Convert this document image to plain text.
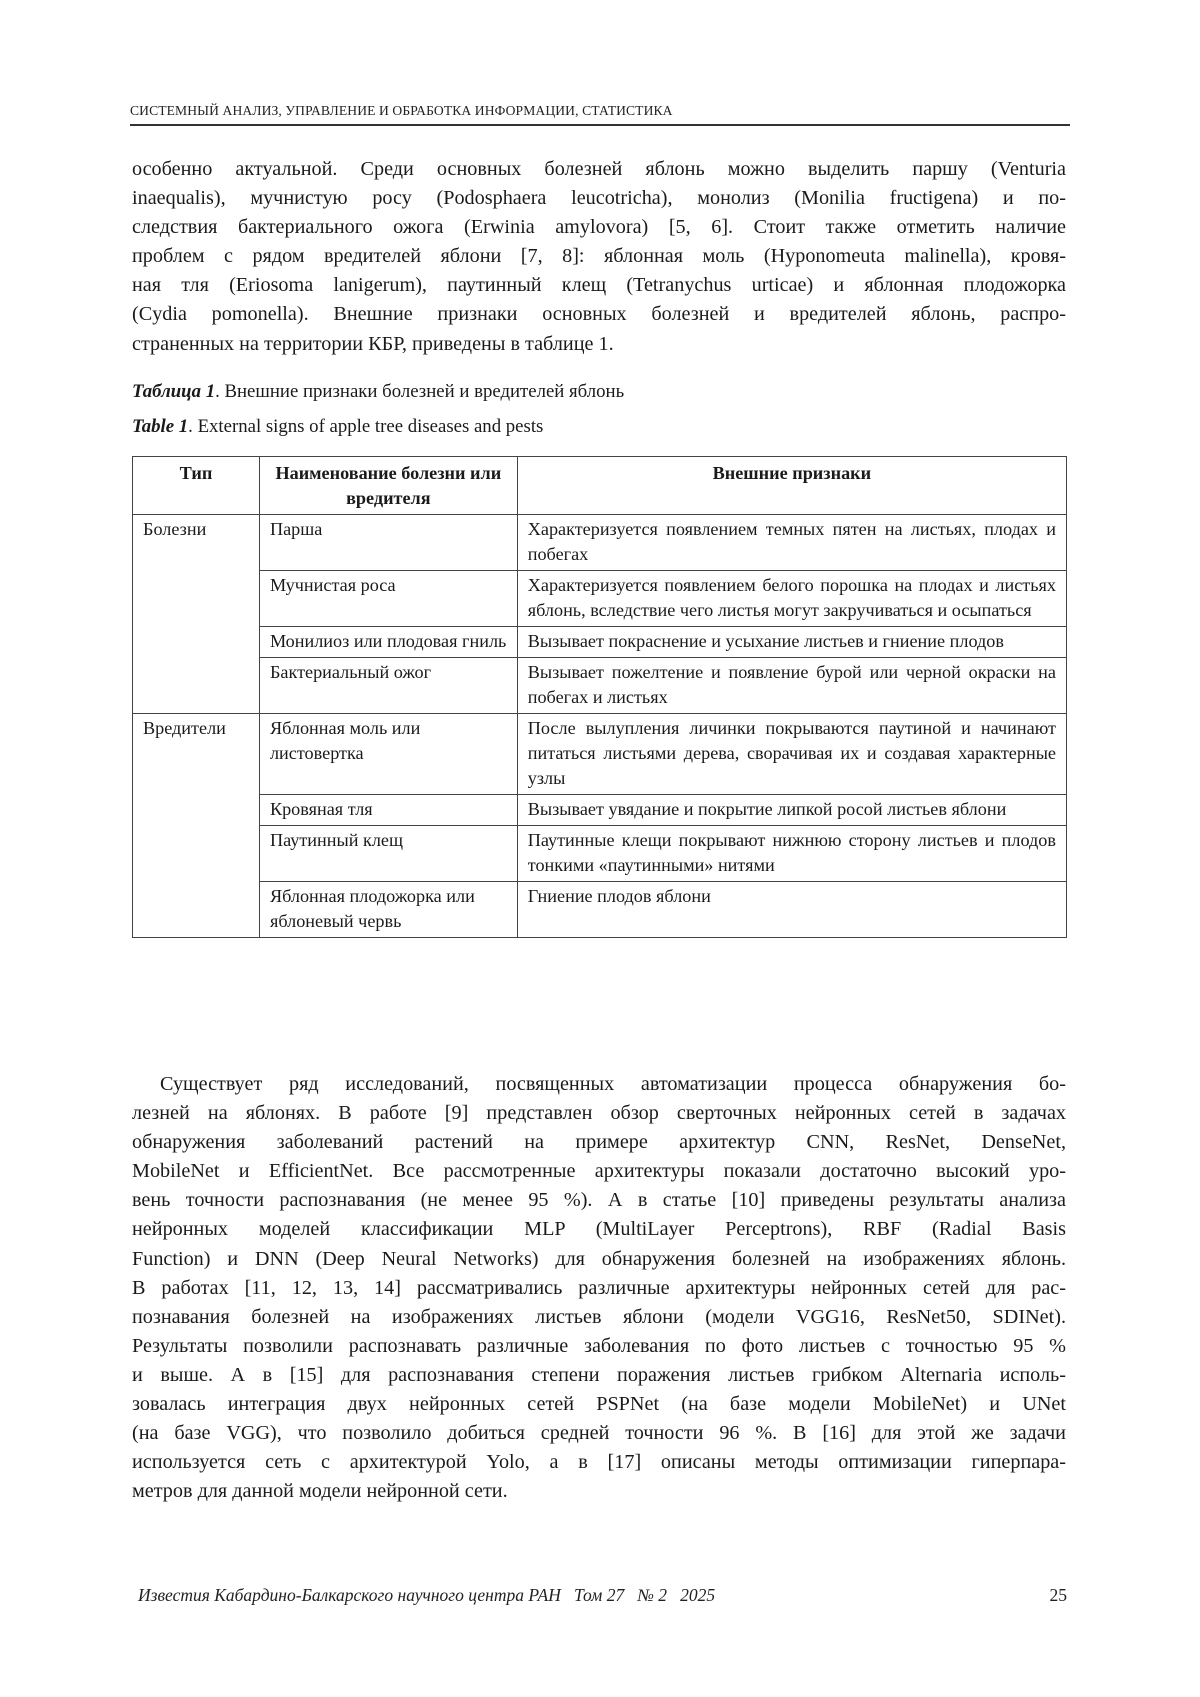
СИСТЕМНЫЙ АНАЛИЗ, УПРАВЛЕНИЕ И ОБРАБОТКА ИНФОРМАЦИИ, СТАТИСТИКА
особенно актуальной. Среди основных болезней яблонь можно выделить паршу (Venturia
inaequalis), мучнистую росу (Podosphaera leucotricha), монолиз (Monilia fructigena) и по-
следствия бактериального ожога (Erwinia amylovora) [5, 6]. Стоит также отметить наличие
проблем с рядом вредителей яблони [7, 8]: яблонная моль (Hyponomeuta malinella), кровя-
ная тля (Eriosoma lanigerum), паутинный клещ (Tetranychus urticae) и яблонная плодожорка
(Cydia pomonella). Внешние признаки основных болезней и вредителей яблонь, распро-
страненных на территории КБР, приведены в таблице 1.
Таблица 1. Внешние признаки болезней и вредителей яблонь
Table 1. External signs of apple tree diseases and pests
Тип	Наименование болезни или вредителя	Внешние признаки
Болезни	Парша	Характеризуется появлением темных пятен на листьях, плодах и побегах
	Мучнистая роса	Характеризуется появлением белого порошка на плодах и листьях яблонь, вследствие чего листья могут закручиваться и осыпаться
	Монилиоз или плодовая гниль	Вызывает покраснение и усыхание листьев и гниение плодов
	Бактериальный ожог	Вызывает пожелтение и появление бурой или черной окраски на побегах и листьях
Вредители	Яблонная моль или листовертка	После вылупления личинки покрываются паутиной и начинают питаться листьями дерева, сворачивая их и создавая характерные узлы
	Кровяная тля	Вызывает увядание и покрытие липкой росой листьев яблони
	Паутинный клещ	Паутинные клещи покрывают нижнюю сторону листьев и плодов тонкими «паутинными» нитями
	Яблонная плодожорка или яблоневый червь	Гниение плодов яблони
Существует ряд исследований, посвященных автоматизации процесса обнаружения бо-
лезней на яблонях. В работе [9] представлен обзор сверточных нейронных сетей в задачах
обнаружения заболеваний растений на примере архитектур CNN, ResNet, DenseNet,
MobileNet и EfficientNet. Все рассмотренные архитектуры показали достаточно высокий уро-
вень точности распознавания (не менее 95 %). А в статье [10] приведены результаты анализа
нейронных моделей классификации MLP (MultiLayer Perceptrons), RBF (Radial Basis
Function) и DNN (Deep Neural Networks) для обнаружения болезней на изображениях яблонь.
В работах [11, 12, 13, 14] рассматривались различные архитектуры нейронных сетей для рас-
познавания болезней на изображениях листьев яблони (модели VGG16, ResNet50, SDINet).
Результаты позволили распознавать различные заболевания по фото листьев с точностью 95 %
и выше. А в [15] для распознавания степени поражения листьев грибком Alternaria исполь-
зовалась интеграция двух нейронных сетей PSPNet (на базе модели MobileNet) и UNet
(на базе VGG), что позволило добиться средней точности 96 %. В [16] для этой же задачи
используется сеть с архитектурой Yolo, а в [17] описаны методы оптимизации гиперпара-
метров для данной модели нейронной сети.
Известия Кабардино-Балкарского научного центра РАН   Том 27   № 2   2025	25
